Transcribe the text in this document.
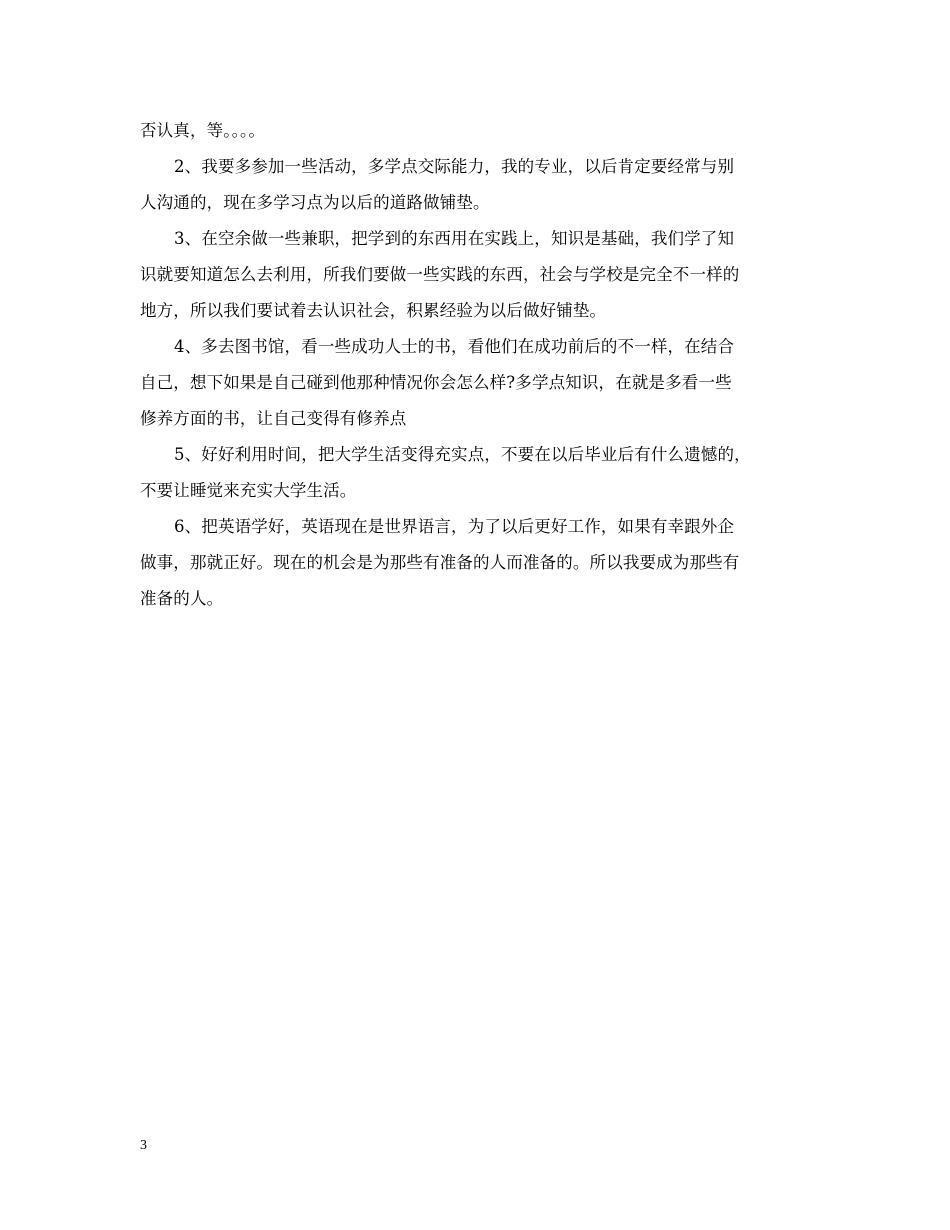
否认真，等。。。。
2、我要多参加一些活动，多学点交际能力，我的专业，以后肯定要经常与别
人沟通的，现在多学习点为以后的道路做铺垫。
3、在空余做一些兼职，把学到的东西用在实践上，知识是基础，我们学了知
识就要知道怎么去利用，所我们要做一些实践的东西，社会与学校是完全不一样的
地方，所以我们要试着去认识社会，积累经验为以后做好铺垫。
4、多去图书馆，看一些成功人士的书，看他们在成功前后的不一样，在结合
自己，想下如果是自己碰到他那种情况你会怎么样?多学点知识，在就是多看一些
修养方面的书，让自己变得有修养点
5、好好利用时间，把大学生活变得充实点，不要在以后毕业后有什么遗憾的，
不要让睡觉来充实大学生活。
6、把英语学好，英语现在是世界语言，为了以后更好工作，如果有幸跟外企
做事，那就正好。现在的机会是为那些有准备的人而准备的。所以我要成为那些有
准备的人。
3
